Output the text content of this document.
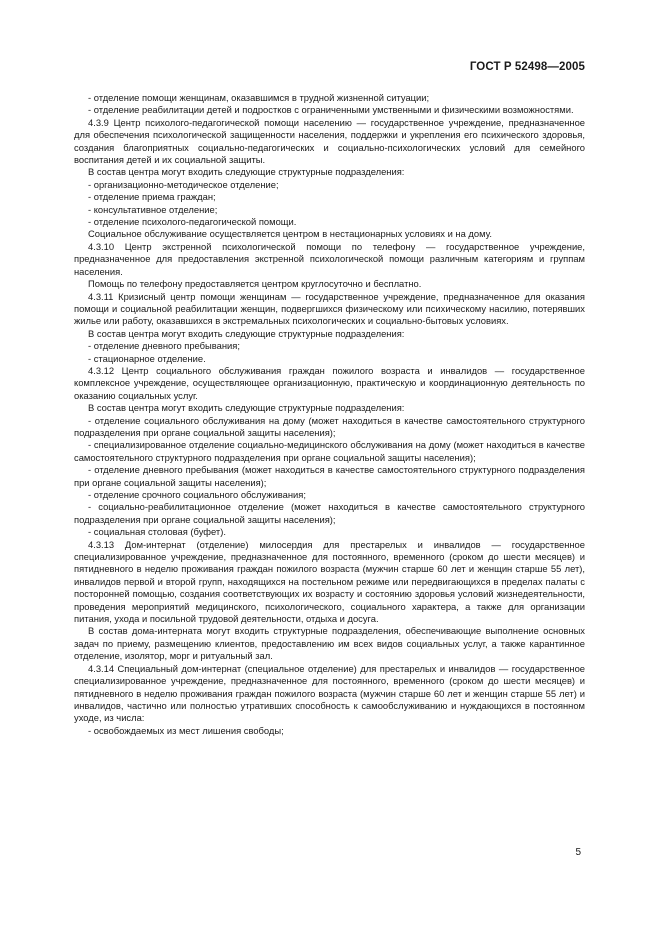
ГОСТ Р 52498—2005

- отделение помощи женщинам, оказавшимся в трудной жизненной ситуации;

- отделение реабилитации детей и подростков с ограниченными умственными и физическими возможностями.

4.3.9 Центр психолого-педагогической помощи населению — государственное учреждение, предназначенное для обеспечения психологической защищенности населения, поддержки и укрепления его психического здоровья, создания благоприятных социально-педагогических и социально-психологических условий для семейного воспитания детей и их социальной защиты.

В состав центра могут входить следующие структурные подразделения:

- организационно-методическое отделение;

- отделение приема граждан;

- консультативное отделение;

- отделение психолого-педагогической помощи.

Социальное обслуживание осуществляется центром в нестационарных условиях и на дому.

4.3.10 Центр экстренной психологической помощи по телефону — государственное учреждение, предназначенное для предоставления экстренной психологической помощи различным категориям и группам населения.

Помощь по телефону предоставляется центром круглосуточно и бесплатно.

4.3.11 Кризисный центр помощи женщинам — государственное учреждение, предназначенное для оказания помощи и социальной реабилитации женщин, подвергшихся физическому или психическому насилию, потерявших жилье или работу, оказавшихся в экстремальных психологических и социально-бытовых условиях.

В состав центра могут входить следующие структурные подразделения:

- отделение дневного пребывания;

- стационарное отделение.

4.3.12 Центр социального обслуживания граждан пожилого возраста и инвалидов — государственное комплексное учреждение, осуществляющее организационную, практическую и координационную деятельность по оказанию социальных услуг.

В состав центра могут входить следующие структурные подразделения:

- отделение социального обслуживания на дому (может находиться в качестве самостоятельного структурного подразделения при органе социальной защиты населения);

- специализированное отделение социально-медицинского обслуживания на дому (может находиться в качестве самостоятельного структурного подразделения при органе социальной защиты населения);

- отделение дневного пребывания (может находиться в качестве самостоятельного структурного подразделения при органе социальной защиты населения);

- отделение срочного социального обслуживания;

- социально-реабилитационное отделение (может находиться в качестве самостоятельного структурного подразделения при органе социальной защиты населения);

- социальная столовая (буфет).

4.3.13 Дом-интернат (отделение) милосердия для престарелых и инвалидов — государственное специализированное учреждение, предназначенное для постоянного, временного (сроком до шести месяцев) и пятидневного в неделю проживания граждан пожилого возраста (мужчин старше 60 лет и женщин старше 55 лет), инвалидов первой и второй групп, находящихся на постельном режиме или передвигающихся в пределах палаты с посторонней помощью, создания соответствующих их возрасту и состоянию здоровья условий жизнедеятельности, проведения мероприятий медицинского, психологического, социального характера, а также для организации питания, ухода и посильной трудовой деятельности, отдыха и досуга.

В состав дома-интерната могут входить структурные подразделения, обеспечивающие выполнение основных задач по приему, размещению клиентов, предоставлению им всех видов социальных услуг, а также карантинное отделение, изолятор, морг и ритуальный зал.

4.3.14 Специальный дом-интернат (специальное отделение) для престарелых и инвалидов — государственное специализированное учреждение, предназначенное для постоянного, временного (сроком до шести месяцев) и пятидневного в неделю проживания граждан пожилого возраста (мужчин старше 60 лет и женщин старше 55 лет) и инвалидов, частично или полностью утративших способность к самообслуживанию и нуждающихся в постоянном уходе, из числа:

- освобождаемых из мест лишения свободы;

5
